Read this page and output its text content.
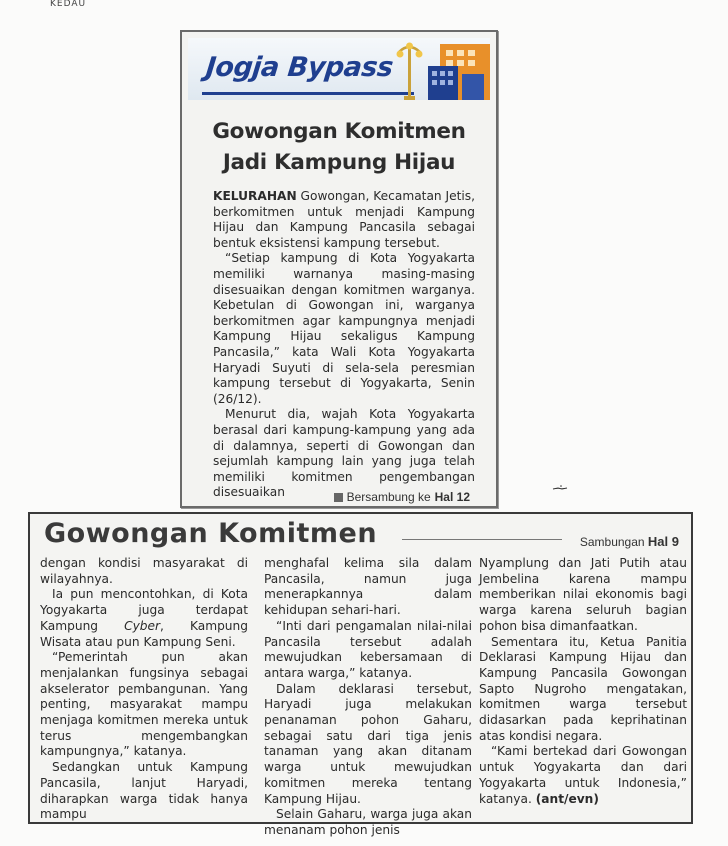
KEDAU
Jogja Bypass
Gowongan Komitmen
Jadi Kampung Hijau

KELURAHAN Gowongan, Kecamatan Jetis, berkomitmen untuk menjadi Kampung Hijau dan Kampung Pancasila sebagai bentuk eksistensi kampung tersebut.

“Setiap kampung di Kota Yogyakarta memiliki warnanya masing-masing disesuaikan dengan komitmen warganya. Kebetulan di Gowongan ini, warganya berkomitmen agar kampungnya menjadi Kampung Hijau sekaligus Kampung Pancasila,” kata Wali Kota Yogyakarta Haryadi Suyuti di sela-sela peresmian kampung tersebut di Yogyakarta, Senin (26/12).

Menurut dia, wajah Kota Yogyakarta berasal dari kampung-kampung yang ada di dalamnya, seperti di Gowongan dan sejumlah kampung lain yang juga telah memiliki komitmen pengembangan disesuaikan	Bersambung ke Hal 12
Gowongan Komitmen	Sambungan Hal 9

dengan kondisi masyarakat di wilayahnya.

Ia pun mencontohkan, di Kota Yogyakarta juga terdapat Kampung Cyber, Kampung Wisata atau pun Kampung Seni.

“Pemerintah pun akan menjalankan fungsinya sebagai akselerator pembangunan. Yang penting, masyarakat mampu menjaga komitmen mereka untuk terus mengembangkan kampungnya,” katanya.

Sedangkan untuk Kampung Pancasila, lanjut Haryadi, diharapkan warga tidak hanya mampu

menghafal kelima sila dalam Pancasila, namun juga menerapkannya dalam kehidupan sehari-hari.

“Inti dari pengamalan nilai-nilai Pancasila tersebut adalah mewujudkan kebersamaan di antara warga,” katanya.

Dalam deklarasi tersebut, Haryadi juga melakukan penanaman pohon Gaharu, sebagai satu dari tiga jenis tanaman yang akan ditanam warga untuk mewujudkan komitmen mereka tentang Kampung Hijau.

Selain Gaharu, warga juga akan menanam pohon jenis

Nyamplung dan Jati Putih atau Jembelina karena mampu memberikan nilai ekonomis bagi warga karena seluruh bagian pohon bisa dimanfaatkan.

Sementara itu, Ketua Panitia Deklarasi Kampung Hijau dan Kampung Pancasila Gowongan Sapto Nugroho mengatakan, komitmen warga tersebut didasarkan pada keprihatinan atas kondisi negara.

“Kami bertekad dari Gowongan untuk Yogyakarta dan dari Yogyakarta untuk Indonesia,” katanya. (ant/evn)
